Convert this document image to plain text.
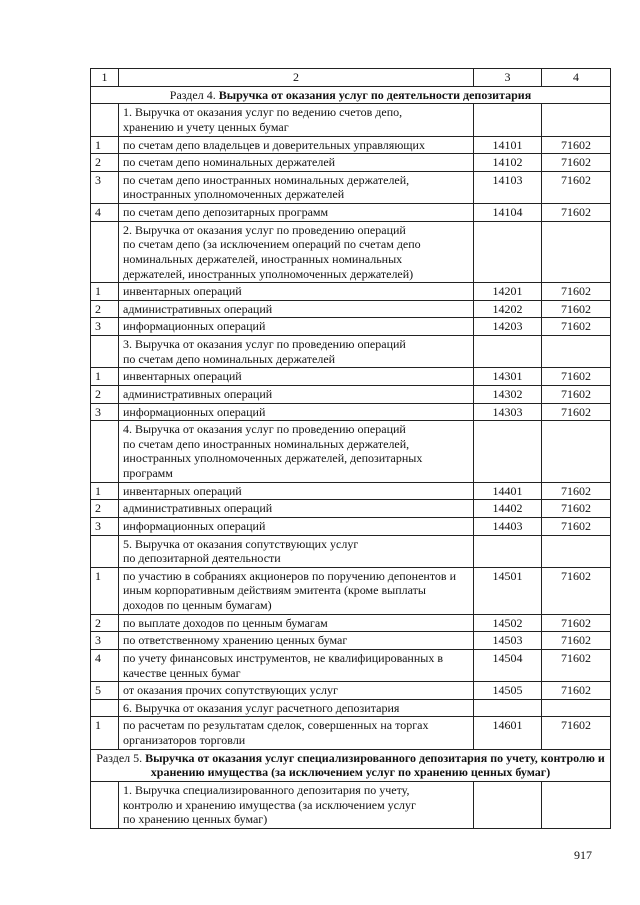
1	2	3	4
Раздел 4. Выручка от оказания услуг по деятельности депозитария			

	1. Выручка от оказания услуг по ведению счетов депо,
хранению и учету ценных бумаг		

1	по счетам депо владельцев и доверительных управляющих	14101	71602
2	по счетам депо номинальных держателей	14102	71602
3	по счетам депо иностранных номинальных держателей, иностранных уполномоченных держателей	14103	71602
4	по счетам депо депозитарных программ	14104	71602

	2. Выручка от оказания услуг по проведению операций
по счетам депо (за исключением операций по счетам депо
номинальных держателей, иностранных номинальных
держателей, иностранных уполномоченных держателей)		

1	инвентарных операций	14201	71602
2	административных операций	14202	71602
3	информационных операций	14203	71602

	3. Выручка от оказания услуг по проведению операций
по счетам депо номинальных держателей		

1	инвентарных операций	14301	71602
2	административных операций	14302	71602
3	информационных операций	14303	71602

	4. Выручка от оказания услуг по проведению операций
по счетам депо иностранных номинальных держателей,
иностранных уполномоченных держателей, депозитарных
программ		

1	инвентарных операций	14401	71602
2	административных операций	14402	71602
3	информационных операций	14403	71602

	5. Выручка от оказания сопутствующих услуг
по депозитарной деятельности		

1	по участию в собраниях акционеров по поручению депонентов и иным корпоративным действиям эмитента (кроме выплаты доходов по ценным бумагам)	14501	71602
2	по выплате доходов по ценным бумагам	14502	71602
3	по ответственному хранению ценных бумаг	14503	71602
4	по учету финансовых инструментов, не квалифицированных в качестве ценных бумаг	14504	71602
5	от оказания прочих сопутствующих услуг	14505	71602

	6. Выручка от оказания услуг расчетного депозитария		

1	по расчетам по результатам сделок, совершенных на торгах организаторов торговли	14601	71602
Раздел 5. Выручка от оказания услуг специализированного депозитария по учету, контролю и хранению имущества (за исключением услуг по хранению ценных бумаг)			

	1. Выручка специализированного депозитария по учету,
контролю и хранению имущества (за исключением услуг
по хранению ценных бумаг)		

917
